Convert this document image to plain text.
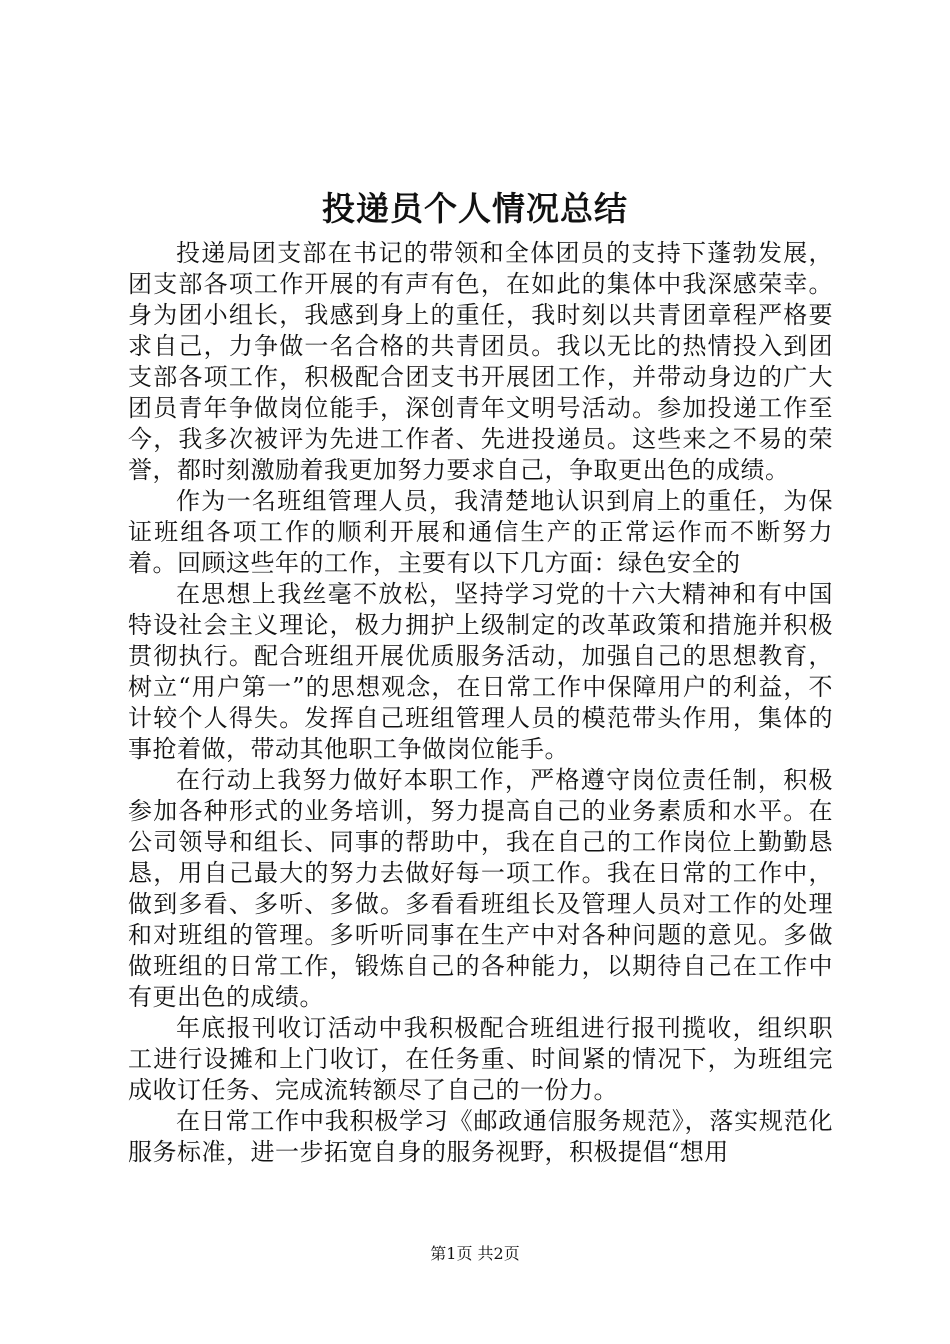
投递员个人情况总结

投递局团支部在书记的带领和全体团员的支持下蓬勃发展，团支部各项工作开展的有声有色，在如此的集体中我深感荣幸。身为团小组长，我感到身上的重任，我时刻以共青团章程严格要求自己，力争做一名合格的共青团员。我以无比的热情投入到团支部各项工作，积极配合团支书开展团工作，并带动身边的广大团员青年争做岗位能手，深创青年文明号活动。参加投递工作至今，我多次被评为先进工作者、先进投递员。这些来之不易的荣誉，都时刻激励着我更加努力要求自己，争取更出色的成绩。

作为一名班组管理人员，我清楚地认识到肩上的重任，为保证班组各项工作的顺利开展和通信生产的正常运作而不断努力着。回顾这些年的工作，主要有以下几方面：绿色安全的

在思想上我丝毫不放松，坚持学习党的十六大精神和有中国特设社会主义理论，极力拥护上级制定的改革政策和措施并积极贯彻执行。配合班组开展优质服务活动，加强自己的思想教育，树立“用户第一”的思想观念，在日常工作中保障用户的利益，不计较个人得失。发挥自己班组管理人员的模范带头作用，集体的事抢着做，带动其他职工争做岗位能手。

在行动上我努力做好本职工作，严格遵守岗位责任制，积极参加各种形式的业务培训，努力提高自己的业务素质和水平。在公司领导和组长、同事的帮助中，我在自己的工作岗位上勤勤恳恳，用自己最大的努力去做好每一项工作。我在日常的工作中，做到多看、多听、多做。多看看班组长及管理人员对工作的处理和对班组的管理。多听听同事在生产中对各种问题的意见。多做做班组的日常工作，锻炼自己的各种能力，以期待自己在工作中有更出色的成绩。

年底报刊收订活动中我积极配合班组进行报刊揽收，组织职工进行设摊和上门收订，在任务重、时间紧的情况下，为班组完成收订任务、完成流转额尽了自己的一份力。

在日常工作中我积极学习《邮政通信服务规范》，落实规范化服务标准，进一步拓宽自身的服务视野，积极提倡“想用

第1页 共2页
